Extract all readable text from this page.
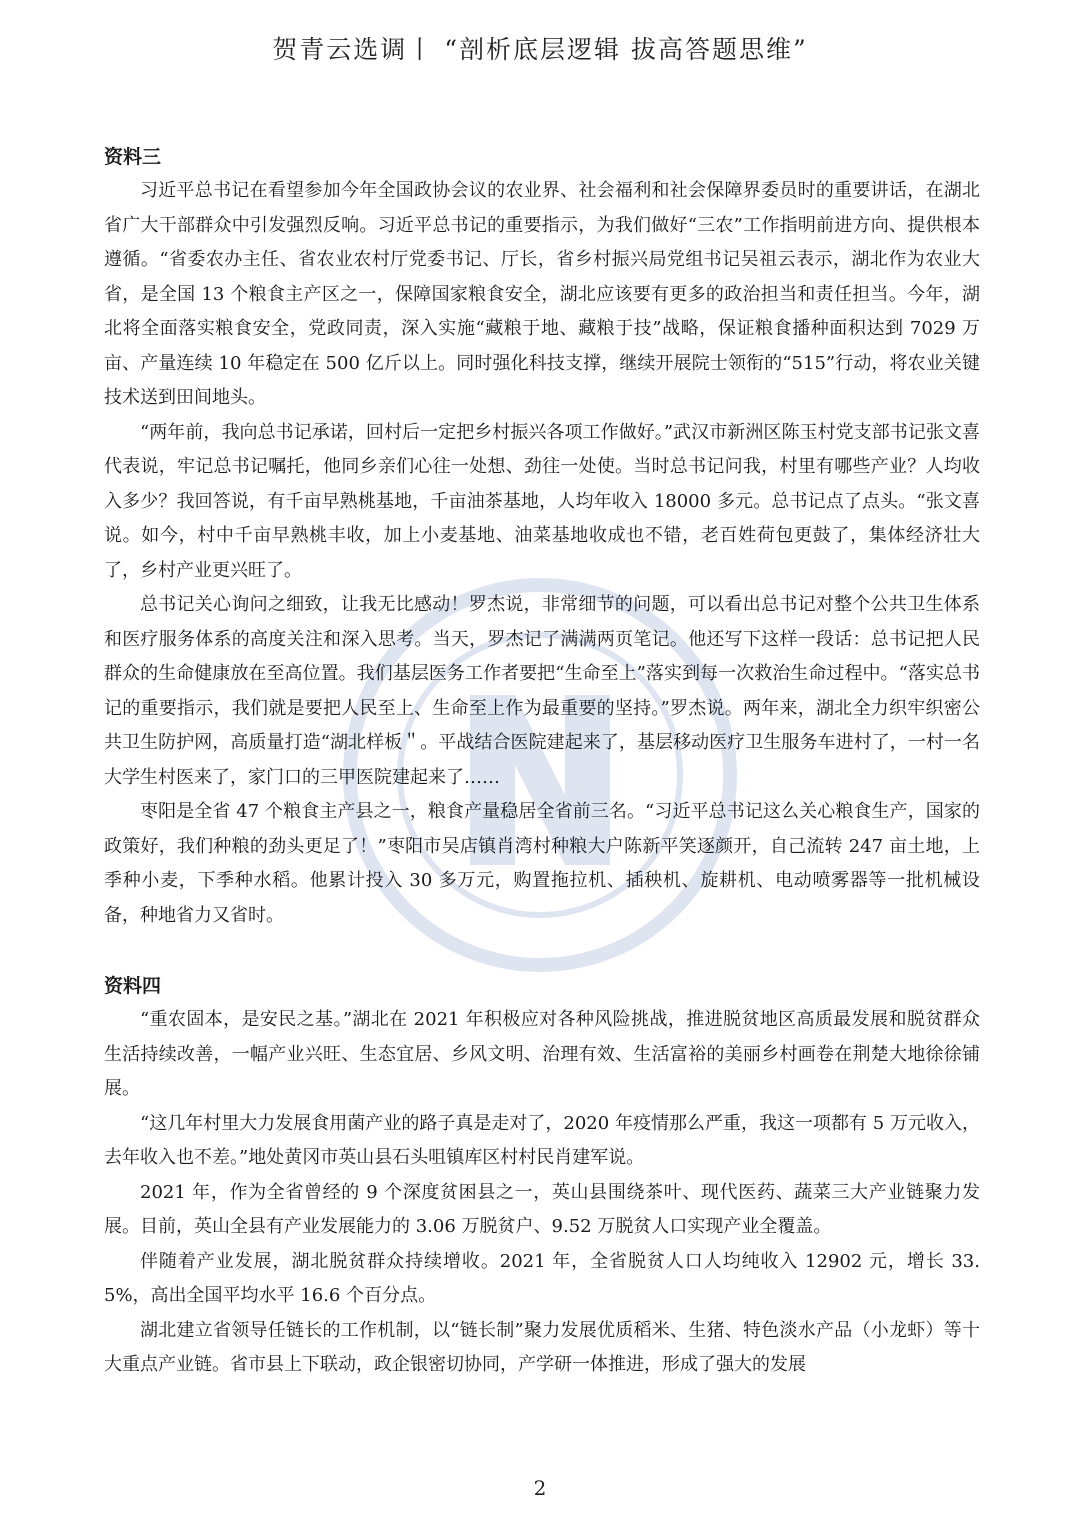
贺青云选调丨 “剖析底层逻辑 拔高答题思维”

资料三

习近平总书记在看望参加今年全国政协会议的农业界、社会福利和社会保障界委员时的重要讲话，在湖北省广大干部群众中引发强烈反响。习近平总书记的重要指示，为我们做好“三农”工作指明前进方向、提供根本遵循。“省委农办主任、省农业农村厅党委书记、厅长，省乡村振兴局党组书记吴祖云表示，湖北作为农业大省，是全国 13 个粮食主产区之一，保障国家粮食安全，湖北应该要有更多的政治担当和责任担当。今年，湖北将全面落实粮食安全，党政同责，深入实施“藏粮于地、藏粮于技”战略，保证粮食播种面积达到 7029 万亩、产量连续 10 年稳定在 500 亿斤以上。同时强化科技支撑，继续开展院士领衔的“515”行动，将农业关键技术送到田间地头。

“两年前，我向总书记承诺，回村后一定把乡村振兴各项工作做好。”武汉市新洲区陈玉村党支部书记张文喜代表说，牢记总书记嘱托，他同乡亲们心往一处想、劲往一处使。当时总书记问我，村里有哪些产业？人均收入多少？我回答说，有千亩早熟桃基地，千亩油茶基地，人均年收入 18000 多元。总书记点了点头。“张文喜说。如今，村中千亩早熟桃丰收，加上小麦基地、油菜基地收成也不错，老百姓荷包更鼓了，集体经济壮大了，乡村产业更兴旺了。

总书记关心询问之细致，让我无比感动！罗杰说，非常细节的问题，可以看出总书记对整个公共卫生体系和医疗服务体系的高度关注和深入思考。当天，罗杰记了满满两页笔记。他还写下这样一段话：总书记把人民群众的生命健康放在至高位置。我们基层医务工作者要把“生命至上”落实到每一次救治生命过程中。“落实总书记的重要指示，我们就是要把人民至上、生命至上作为最重要的坚持。”罗杰说。两年来，湖北全力织牢织密公共卫生防护网，高质量打造“湖北样板＂。平战结合医院建起来了，基层移动医疗卫生服务车进村了，一村一名大学生村医来了，家门口的三甲医院建起来了……

枣阳是全省 47 个粮食主产县之一，粮食产量稳居全省前三名。“习近平总书记这么关心粮食生产，国家的政策好，我们种粮的劲头更足了！”枣阳市吴店镇肖湾村种粮大户陈新平笑逐颜开，自己流转 247 亩土地，上季种小麦，下季种水稻。他累计投入 30 多万元，购置拖拉机、插秧机、旋耕机、电动喷雾器等一批机械设备，种地省力又省时。

资料四

“重农固本，是安民之基。”湖北在 2021 年积极应对各种风险挑战，推进脱贫地区高质最发展和脱贫群众生活持续改善，一幅产业兴旺、生态宜居、乡风文明、治理有效、生活富裕的美丽乡村画卷在荆楚大地徐徐铺展。

“这几年村里大力发展食用菌产业的路子真是走对了，2020 年疫情那么严重，我这一项都有 5 万元收入，去年收入也不差。”地处黄冈市英山县石头咀镇库区村村民肖建军说。

2021 年，作为全省曾经的 9 个深度贫困县之一，英山县围绕茶叶、现代医药、蔬菜三大产业链聚力发展。目前，英山全县有产业发展能力的 3.06 万脱贫户、9.52 万脱贫人口实现产业全覆盖。

伴随着产业发展，湖北脱贫群众持续增收。2021 年，全省脱贫人口人均纯收入 12902 元，增长 33.5%，高出全国平均水平 16.6 个百分点。

湖北建立省领导任链长的工作机制，以“链长制”聚力发展优质稻米、生猪、特色淡水产品（小龙虾）等十大重点产业链。省市县上下联动，政企银密切协同，产学研一体推进，形成了强大的发展

2
